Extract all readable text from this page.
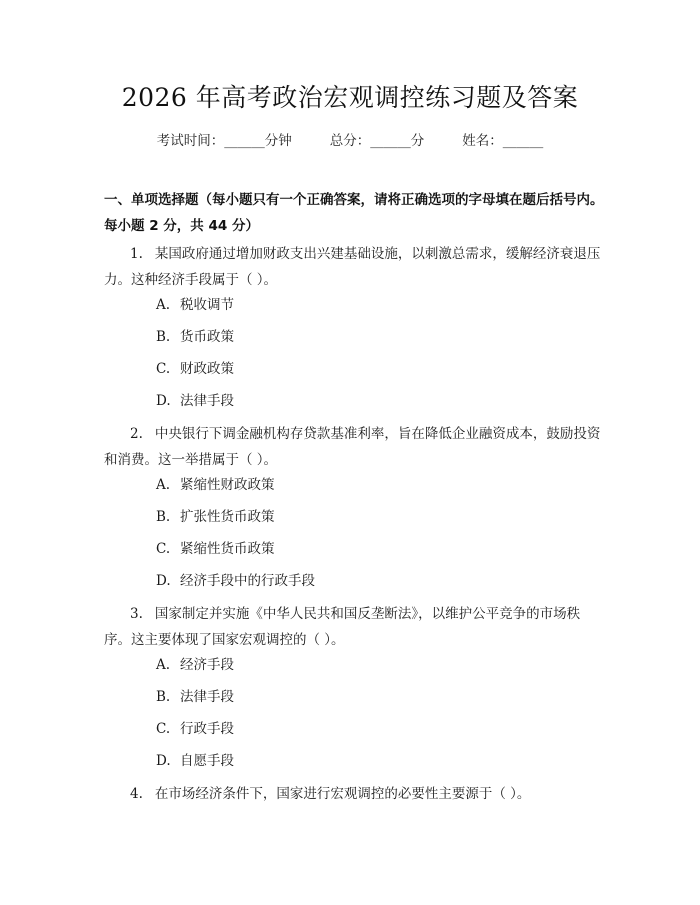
2026 年高考政治宏观调控练习题及答案
考试时间：______分钟	总分：______分	姓名：______
一、单项选择题（每小题只有一个正确答案，请将正确选项的字母填在题后括号内。每小题 2 分，共 44 分）
1. 某国政府通过增加财政支出兴建基础设施，以刺激总需求，缓解经济衰退压力。这种经济手段属于（ ）。
A. 税收调节
B. 货币政策
C. 财政政策
D. 法律手段
2. 中央银行下调金融机构存贷款基准利率，旨在降低企业融资成本，鼓励投资和消费。这一举措属于（ ）。
A. 紧缩性财政政策
B. 扩张性货币政策
C. 紧缩性货币政策
D. 经济手段中的行政手段
3. 国家制定并实施《中华人民共和国反垄断法》，以维护公平竞争的市场秩序。这主要体现了国家宏观调控的（ ）。
A. 经济手段
B. 法律手段
C. 行政手段
D. 自愿手段
4. 在市场经济条件下，国家进行宏观调控的必要性主要源于（ ）。
